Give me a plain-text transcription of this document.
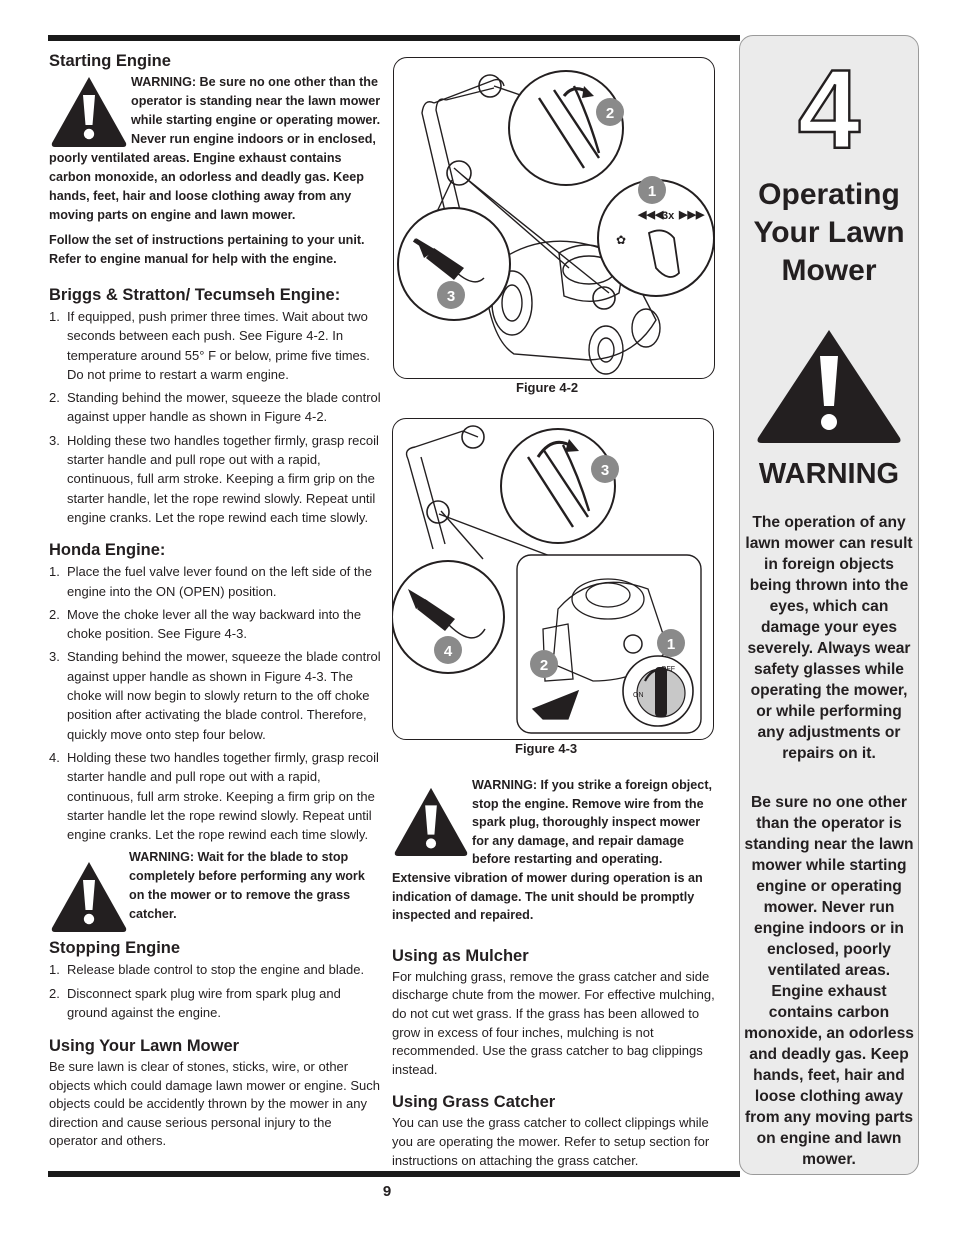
Starting Engine

WARNING: Be sure no one other than the operator is standing near the lawn mower while starting engine or operating mower. Never run engine indoors or in enclosed, poorly ventilated areas. Engine exhaust contains carbon monoxide, an odorless and deadly gas. Keep hands, feet, hair and loose clothing away from any moving parts on engine and lawn mower.

Follow the set of instructions pertaining to your unit. Refer to engine manual for help with the engine.

Briggs & Stratton/ Tecumseh Engine:
1. If equipped, push primer three times. Wait about two seconds between each push. See Figure 4-2. In temperature around 55° F or below, prime five times. Do not prime to restart a warm engine.
2. Standing behind the mower, squeeze the blade control against upper handle as shown in Figure 4-2.
3. Holding these two handles together firmly, grasp recoil starter handle and pull rope out with a rapid, continuous, full arm stroke. Keeping a firm grip on the starter handle, let the rope rewind slowly. Repeat until engine cranks. Let the rope rewind each time slowly.
Honda Engine:
1. Place the fuel valve lever found on the left side of the engine into the ON (OPEN) position.
2. Move the choke lever all the way backward into the choke position. See Figure 4-3.
3. Standing behind the mower, squeeze the blade control against upper handle as shown in Figure 4-3. The choke will now begin to slowly return to the off choke position after activating the blade control. Therefore, quickly move onto step four below.
4. Holding these two handles together firmly, grasp recoil starter handle and pull rope out with a rapid, continuous, full arm stroke. Keeping a firm grip on the starter handle let the rope rewind slowly. Repeat until engine cranks. Let the rope rewind each time slowly.

WARNING: Wait for the blade to stop completely before performing any work on the mower or to remove the grass catcher.

Stopping Engine
1. Release blade control to stop the engine and blade.
2. Disconnect spark plug wire from spark plug and ground against the engine.
Using Your Lawn Mower

Be sure lawn is clear of stones, sticks, wire, or other objects which could damage lawn mower or engine. Such objects could be accidently thrown by the mower in any direction and cause serious personal injury to the operator and others.

◀◀◀
3x ▶▶▶
✿
2
1
3
Figure 4-2
OFF
ON
3
4	1
2
Figure 4-3

WARNING: If you strike a foreign object, stop the engine. Remove wire from the spark plug, thoroughly inspect mower for any damage, and repair damage before restarting and operating. Extensive vibration of mower during operation is an indication of damage. The unit should be promptly inspected and repaired.

Using as Mulcher

For mulching grass, remove the grass catcher and side discharge chute from the mower. For effective mulching, do not cut wet grass. If the grass has been allowed to grow in excess of four inches, mulching is not recommended. Use the grass catcher to bag clippings instead.

Using Grass Catcher

You can use the grass catcher to collect clippings while you are operating the mower. Refer to setup section for instructions on attaching the grass catcher.

4
Operating
Your Lawn
Mower
WARNING
The operation of any lawn mower can result in foreign objects being thrown into the eyes, which can damage your eyes severely. Always wear safety glasses while operating the mower, or while performing any adjustments or repairs on it.
Be sure no one other than the operator is standing near the lawn mower while starting engine or operating mower. Never run engine indoors or in enclosed, poorly ventilated areas. Engine exhaust contains carbon monoxide, an odorless and deadly gas. Keep hands, feet, hair and loose clothing away from any moving parts on engine and lawn mower.
9
